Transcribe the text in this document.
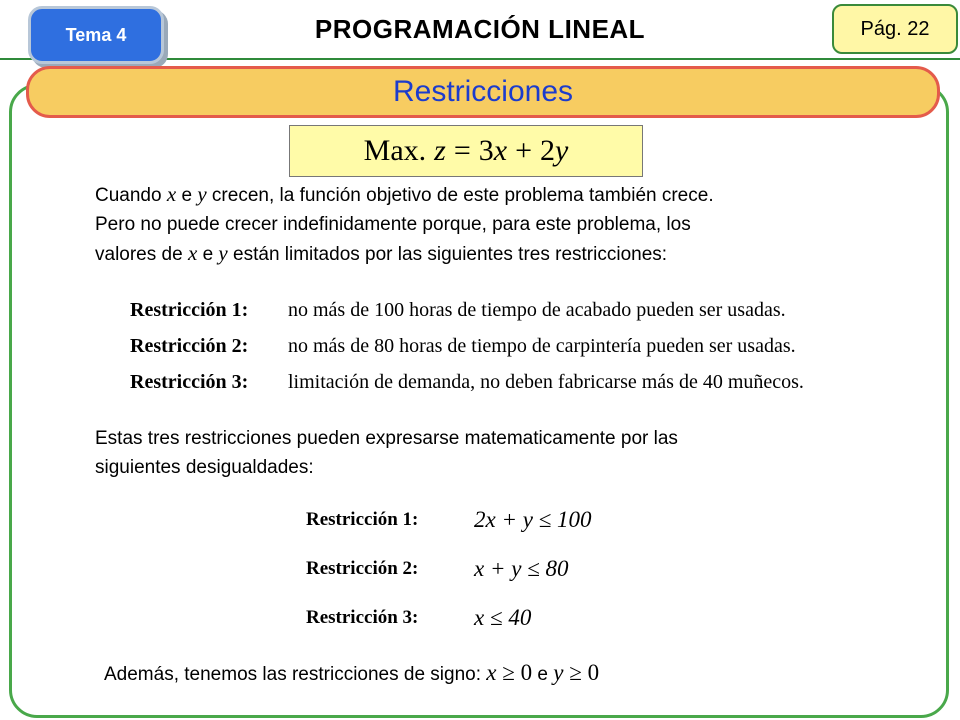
Tema 4	PROGRAMACIÓN LINEAL	Pág. 22
Restricciones
Max. z = 3x + 2y
Cuando x e y crecen, la función objetivo de este problema también crece.
Pero no puede crecer indefinidamente porque, para este problema, los
valores de x e y están limitados por las siguientes tres restricciones:
Restricción 1:	no más de 100 horas de tiempo de acabado pueden ser usadas.
Restricción 2:	no más de 80 horas de tiempo de carpintería pueden ser usadas.
Restricción 3:	limitación de demanda, no deben fabricarse más de 40 muñecos.
Estas tres restricciones pueden expresarse matematicamente por las
siguientes desigualdades:
Restricción 1:	2x + y ≤ 100
Restricción 2:	x + y ≤ 80
Restricción 3:	x ≤ 40
Además, tenemos las restricciones de signo: x ≥ 0 e y ≥ 0
